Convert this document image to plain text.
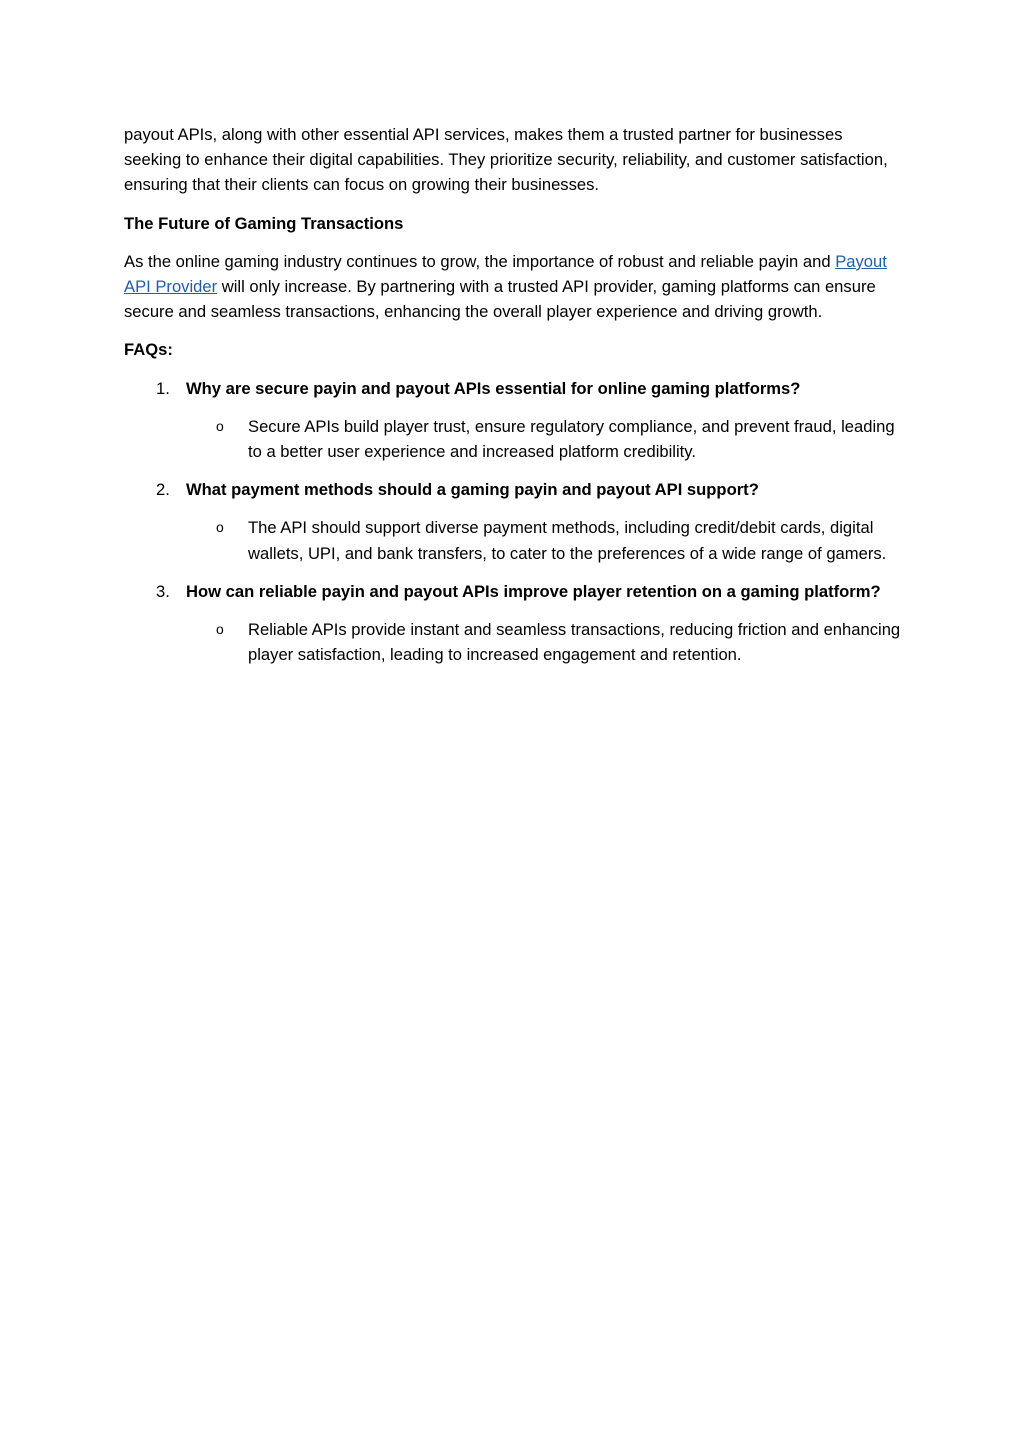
payout APIs, along with other essential API services, makes them a trusted partner for businesses seeking to enhance their digital capabilities. They prioritize security, reliability, and customer satisfaction, ensuring that their clients can focus on growing their businesses.

The Future of Gaming Transactions

As the online gaming industry continues to grow, the importance of robust and reliable payin and Payout API Provider will only increase. By partnering with a trusted API provider, gaming platforms can ensure secure and seamless transactions, enhancing the overall player experience and driving growth.

FAQs:

1. Why are secure payin and payout APIs essential for online gaming platforms?
o	Secure APIs build player trust, ensure regulatory compliance, and prevent fraud, leading to a better user experience and increased platform credibility.
2. What payment methods should a gaming payin and payout API support?
o	The API should support diverse payment methods, including credit/debit cards, digital wallets, UPI, and bank transfers, to cater to the preferences of a wide range of gamers.
3. How can reliable payin and payout APIs improve player retention on a gaming platform?
o	Reliable APIs provide instant and seamless transactions, reducing friction and enhancing player satisfaction, leading to increased engagement and retention.
